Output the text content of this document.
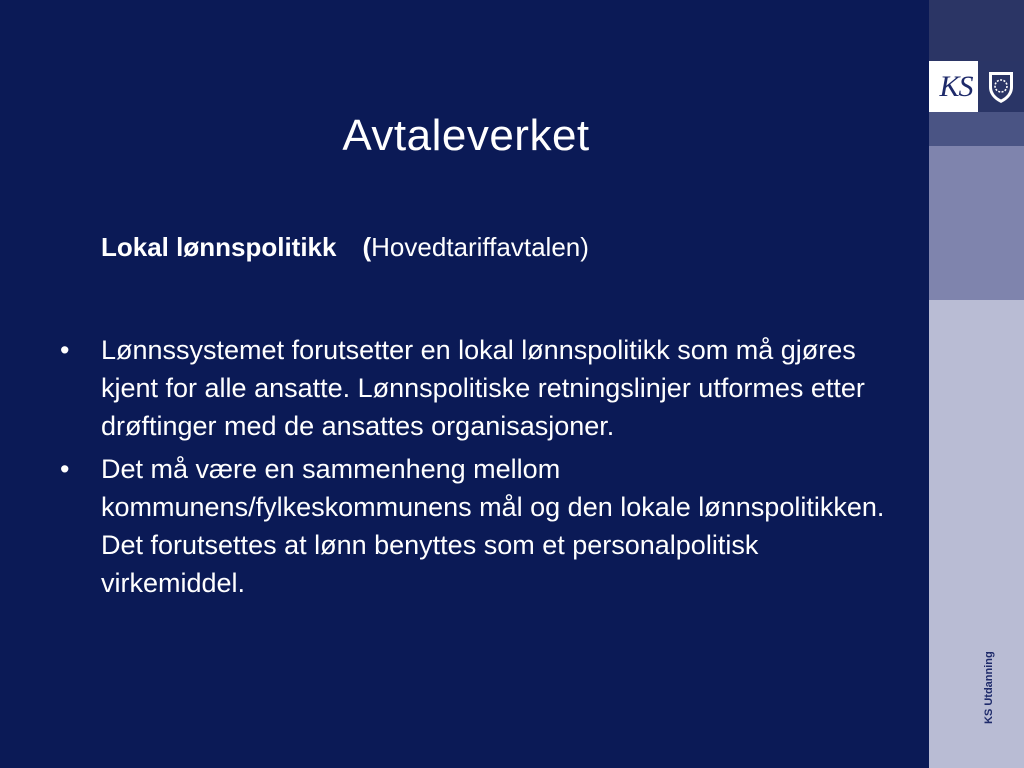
Avtaleverket
Lokal lønnspolitikk (Hovedtariffavtalen)
• Lønnssystemet forutsetter en lokal lønnspolitikk som må gjøres kjent for alle ansatte. Lønnspolitiske retningslinjer utformes etter drøftinger med de ansattes organisasjoner.
• Det må være en sammenheng mellom kommunens/fylkeskommunens mål og den lokale lønnspolitikken. Det forutsettes at lønn benyttes som et personalpolitisk virkemiddel.
KS
KS Utdanning
